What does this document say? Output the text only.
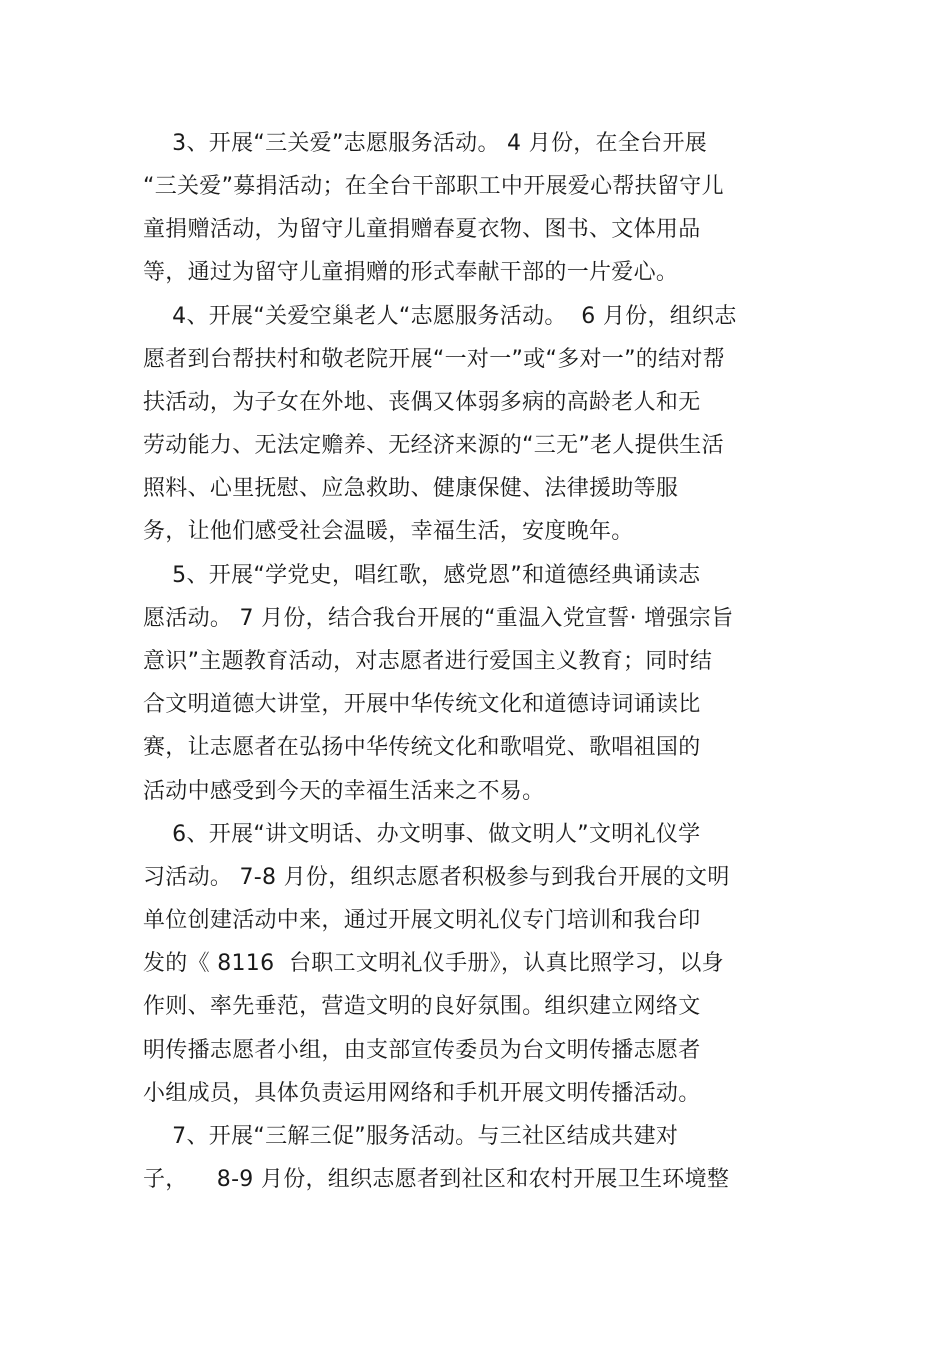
3、开展“三关爱”志愿服务活动。 4 月份，在全台开展
“三关爱”募捐活动；在全台干部职工中开展爱心帮扶留守儿
童捐赠活动，为留守儿童捐赠春夏衣物、图书、文体用品
等，通过为留守儿童捐赠的形式奉献干部的一片爱心。
4、开展“关爱空巢老人“志愿服务活动。  6 月份，组织志
愿者到台帮扶村和敬老院开展“一对一”或“多对一”的结对帮
扶活动，为子女在外地、丧偶又体弱多病的高龄老人和无
劳动能力、无法定赡养、无经济来源的“三无”老人提供生活
照料、心里抚慰、应急救助、健康保健、法律援助等服
务，让他们感受社会温暖，幸福生活，安度晚年。
5、开展“学党史，唱红歌，感党恩”和道德经典诵读志
愿活动。 7 月份，结合我台开展的“重温入党宣誓· 增强宗旨
意识”主题教育活动，对志愿者进行爱国主义教育；同时结
合文明道德大讲堂，开展中华传统文化和道德诗词诵读比
赛，让志愿者在弘扬中华传统文化和歌唱党、歌唱祖国的
活动中感受到今天的幸福生活来之不易。
6、开展“讲文明话、办文明事、做文明人”文明礼仪学
习活动。 7-8 月份，组织志愿者积极参与到我台开展的文明
单位创建活动中来，通过开展文明礼仪专门培训和我台印
发的《 8116  台职工文明礼仪手册》，认真比照学习，以身
作则、率先垂范，营造文明的良好氛围。组织建立网络文
明传播志愿者小组，由支部宣传委员为台文明传播志愿者
小组成员，具体负责运用网络和手机开展文明传播活动。
7、开展“三解三促”服务活动。与三社区结成共建对
子，    8-9 月份，组织志愿者到社区和农村开展卫生环境整
